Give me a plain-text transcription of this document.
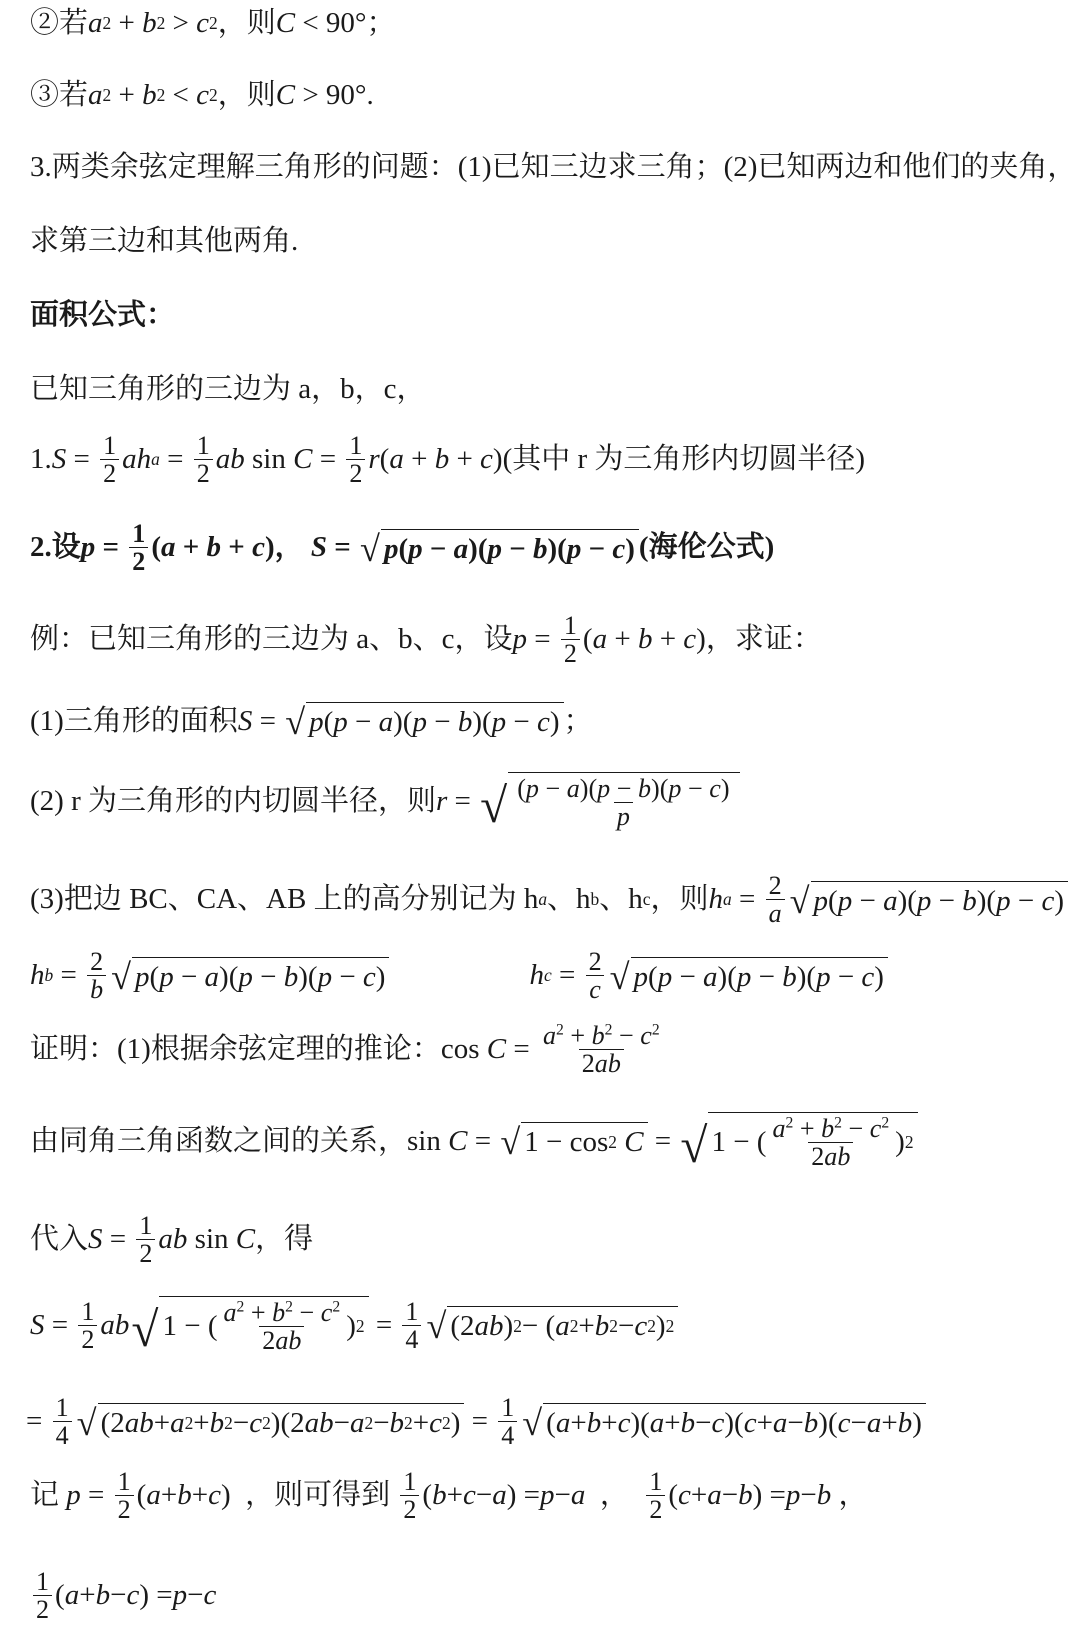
②若 a 2 + b 2 > c 2 ，则 C < 90° ；
③若 a 2 + b 2 < c 2 ，则 C > 90° .
3.两类余弦定理解三角形的问题：(1)已知三边求三角；(2)已知两边和他们的夹角，
求第三边和其他两角.
面积公式：
已知三角形的三边为 a，b，c，
1. $S = \frac{1}{2}$ ah $a = \frac{1}{2}$ ab $\sin C = \frac{1}{2}$ r ( a + b + c ) (其中 r 为三角形内切圆半径)
2.设 $p = \frac{1}{2}$ ( a + b + c )， S = √ p ( p − a )( p − b )( p − c ) (海伦公式)
例：已知三角形的三边为 a、b、c，设 $p = \frac{1}{2}$ ( a + b + c ) ，求证：
(1)三角形的面积 S = √ p ( p − a )( p − b )( p − c ) ；
(2) r 为三角形的内切圆半径，则 r = √ $\frac{(p - a)(p - b)(p - c)}{p}$
(3)把边 BC、CA、AB 上的高分别记为 h a 、h b 、h c ，则 h $a = \frac{2}{a}$ √ p ( p − a )( p − b )( p − c )
h $b = \frac{2}{b}$ √ p ( p − a )( p − b )( p − c )	h $c = \frac{2}{c}$ √ p ( p − a )( p − b )( p − c )
证明：(1)根据余弦定理的推论： $\cos C = \frac{a^2 + b^2 - c^2}{2ab}$
由同角三角函数之间的关系， sin C = √ 1 − cos 2
C = √ 1 − ( $\frac{a^2 + b^2 - c^2}{2ab}$ ) 2
代入 $S = \frac{1}{2}$ ab sin C ，得
$S = \frac{1}{2}$ ab √ 1 − ( $\frac{a^2 + b^2 - c^2}{2ab}$ ) $2 = \frac{1}{4}$ √ (2 ab ) 2 − ( a 2 + b 2 − c 2 ) 2
= $\frac{1}{4}$ √ (2 ab + a 2 + b 2 − c 2 )(2 ab − a 2 − b 2 + c 2 ) = $\frac{1}{4}$ √ ( a + b + c )( a + b − c )( c + a − b )( c − a + b )
记
$p = \frac{1}{2}$ ( a + b + c ) ，则可得到
$\frac{1}{2}$ ( b + c − a ) = p − a ， $\frac{1}{2}$ ( c + a − b ) = p − b ，
$\frac{1}{2}$ ( a + b − c ) = p − c
